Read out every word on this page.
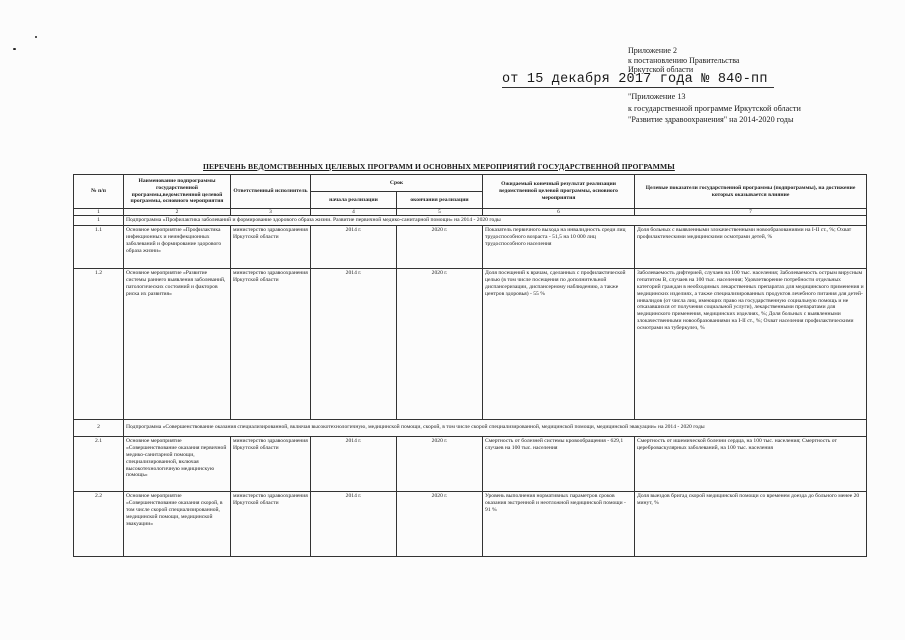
Приложение 2
к постановлению Правительства
Иркутской области
от 15 декабря 2017 года № 840-пп
"Приложение 13
к государственной программе Иркутской области
"Развитие здравоохранения" на 2014-2020 годы
ПЕРЕЧЕНЬ ВЕДОМСТВЕННЫХ ЦЕЛЕВЫХ ПРОГРАММ И ОСНОВНЫХ МЕРОПРИЯТИЙ ГОСУДАРСТВЕННОЙ ПРОГРАММЫ
№ п/п	Наименование подпрограммы государственной программы,ведомственной целевой программы, основного мероприятия	Ответственный исполнитель	Срок		Ожидаемый конечный результат реализации ведомственной целевой программы, основного мероприятия	Целевые показатели государственной программы (подпрограммы), на достижение которых оказывается влияние
			начала реализации	окончания реализации		
1	2	3	4	5	6	7
1	Подпрограмма «Профилактика заболеваний и формирование здорового образа жизни. Развитие первичной медико-санитарной помощи» на 2014 - 2020 годы					
1.1	Основное мероприятие «Профилактика инфекционных и неинфекционных заболеваний и формирование здорового образа жизни»	министерство здравоохранения Иркутской области	2014 г.	2020 г.	Показатель первичного выхода на инвалидность среди лиц трудоспособного возраста - 51,5 на 10 000 лиц трудоспособного населения	Доля больных с выявленными злокачественными новообразованиями на I-II ст., %; Охват профилактическими медицинскими осмотрами детей, %
1.2	Основное мероприятие «Развитие системы раннего выявления заболеваний, патологических состояний и факторов риска их развития»	министерство здравоохранения Иркутской области	2014 г.	2020 г.	Доля посещений к врачам, сделанных с профилактической целью (в том числе посещения по дополнительной диспансеризации, диспансерному наблюдению, а также центров здоровья) - 55 %	Заболеваемость дифтерией, случаев на 100 тыс. населения; Заболеваемость острым вирусным гепатитом В, случаев на 100 тыс. населения; Удовлетворение потребности отдельных категорий граждан в необходимых лекарственных препаратах для медицинского применения и медицинских изделиях, а также специализированных продуктов лечебного питания для детей-инвалидов (от числа лиц, имеющих право на государственную социальную помощь и не отказавшихся от получения социальной услуги), лекарственными препаратами для медицинского применения, медицинских изделиях, %; Доля больных с выявленными злокачественными новообразованиями на I-II ст., %; Охват населения профилактическими осмотрами на туберкулез, %
2	Подпрограмма «Совершенствование оказания специализированной, включая высокотехнологичную, медицинской помощи, скорой, в том числе скорой специализированной, медицинской помощи, медицинской эвакуации» на 2014 - 2020 годы					
2.1	Основное мероприятие «Совершенствование оказания первичной медико-санитарной помощи, специализированной, включая высокотехнологичную медицинскую помощь»	министерство здравоохранения Иркутской области	2014 г.	2020 г.	Смертность от болезней системы кровообращения - 629,1 случаев на 100 тыс. населения	Смертность от ишемической болезни сердца, на 100 тыс. населения; Смертность от цереброваскулярных заболеваний, на 100 тыс. населения
2.2	Основное мероприятие «Совершенствование оказания скорой, в том числе скорой специализированной, медицинской помощи, медицинской эвакуации»	министерство здравоохранения Иркутской области	2014 г.	2020 г.	Уровень выполнения нормативных параметров сроков оказания экстренной и неотложной медицинской помощи - 91 %	Доля выездов бригад скорой медицинской помощи со временем доезда до больного менее 20 минут, %
